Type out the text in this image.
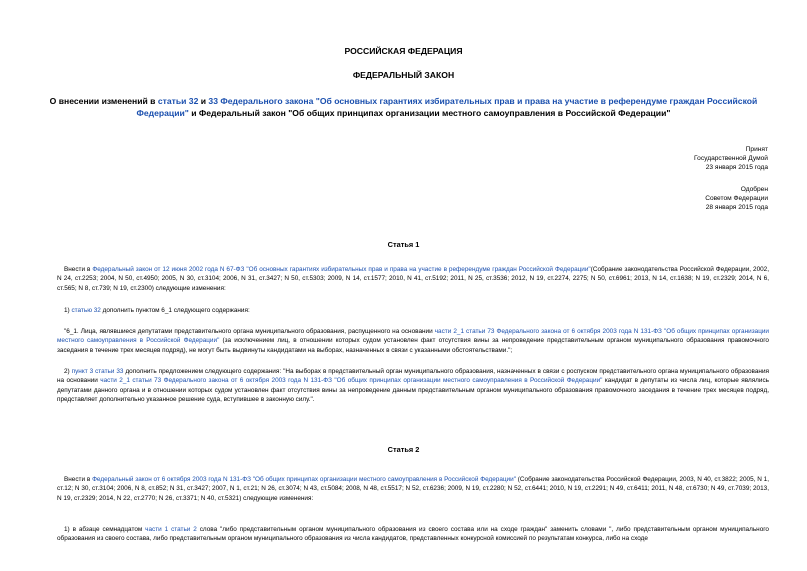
РОССИЙСКАЯ ФЕДЕРАЦИЯ
ФЕДЕРАЛЬНЫЙ ЗАКОН
О внесении изменений в статьи 32 и 33 Федерального закона "Об основных гарантиях избирательных прав и права на участие в референдуме граждан Российской Федерации" и Федеральный закон "Об общих принципах организации местного самоуправления в Российской Федерации"
Принят
Государственной Думой
23 января 2015 года
Одобрен
Советом Федерации
28 января 2015 года
Статья 1
Внести в Федеральный закон от 12 июня 2002 года N 67-ФЗ "Об основных гарантиях избирательных прав и права на участие в референдуме граждан Российской Федерации"(Собрание законодательства Российской Федерации, 2002, N 24, ст.2253; 2004, N 50, ст.4950; 2005, N 30, ст.3104; 2006, N 31, ст.3427; N 50, ст.5303; 2009, N 14, ст.1577; 2010, N 41, ст.5192; 2011, N 25, ст.3536; 2012, N 19, ст.2274, 2275; N 50, ст.6961; 2013, N 14, ст.1638; N 19, ст.2329; 2014, N 6, ст.565; N 8, ст.739; N 19, ст.2300) следующие изменения:
1) статью 32 дополнить пунктом 6_1 следующего содержания:
"6_1. Лица, являвшиеся депутатами представительного органа муниципального образования, распущенного на основании части 2_1 статьи 73 Федерального закона от 6 октября 2003 года N 131-ФЗ "Об общих принципах организации местного самоуправления в Российской Федерации" (за исключением лиц, в отношении которых судом установлен факт отсутствия вины за непроведение представительным органом муниципального образования правомочного заседания в течение трех месяцев подряд), не могут быть выдвинуты кандидатами на выборах, назначенных в связи с указанными обстоятельствами.";
2) пункт 3 статьи 33 дополнить предложением следующего содержания: "На выборах в представительный орган муниципального образования, назначенных в связи с роспуском представительного органа муниципального образования на основании части 2_1 статьи 73 Федерального закона от 6 октября 2003 года N 131-ФЗ "Об общих принципах организации местного самоуправления в Российской Федерации" кандидат в депутаты из числа лиц, которые являлись депутатами данного органа и в отношении которых судом установлен факт отсутствия вины за непроведение данным представительным органом муниципального образования правомочного заседания в течение трех месяцев подряд, представляет дополнительно указанное решение суда, вступившее в законную силу.".
Статья 2
Внести в Федеральный закон от 6 октября 2003 года N 131-ФЗ "Об общих принципах организации местного самоуправления в Российской Федерации" (Собрание законодательства Российской Федерации, 2003, N 40, ст.3822; 2005, N 1, ст.12; N 30, ст.3104; 2006, N 8, ст.852; N 31, ст.3427; 2007, N 1, ст.21; N 26, ст.3074; N 43, ст.5084; 2008, N 48, ст.5517; N 52, ст.6236; 2009, N 19, ст.2280; N 52, ст.6441; 2010, N 19, ст.2291; N 49, ст.6411; 2011, N 48, ст.6730; N 49, ст.7039; 2013, N 19, ст.2329; 2014, N 22, ст.2770; N 26, ст.3371; N 40, ст.5321) следующие изменения:
1) в абзаце семнадцатом части 1 статьи 2 слова "либо представительным органом муниципального образования из своего состава или на сходе граждан" заменить словами ", либо представительным органом муниципального образования из своего состава, либо представительным органом муниципального образования из числа кандидатов, представленных конкурсной комиссией по результатам конкурса, либо на сходе
